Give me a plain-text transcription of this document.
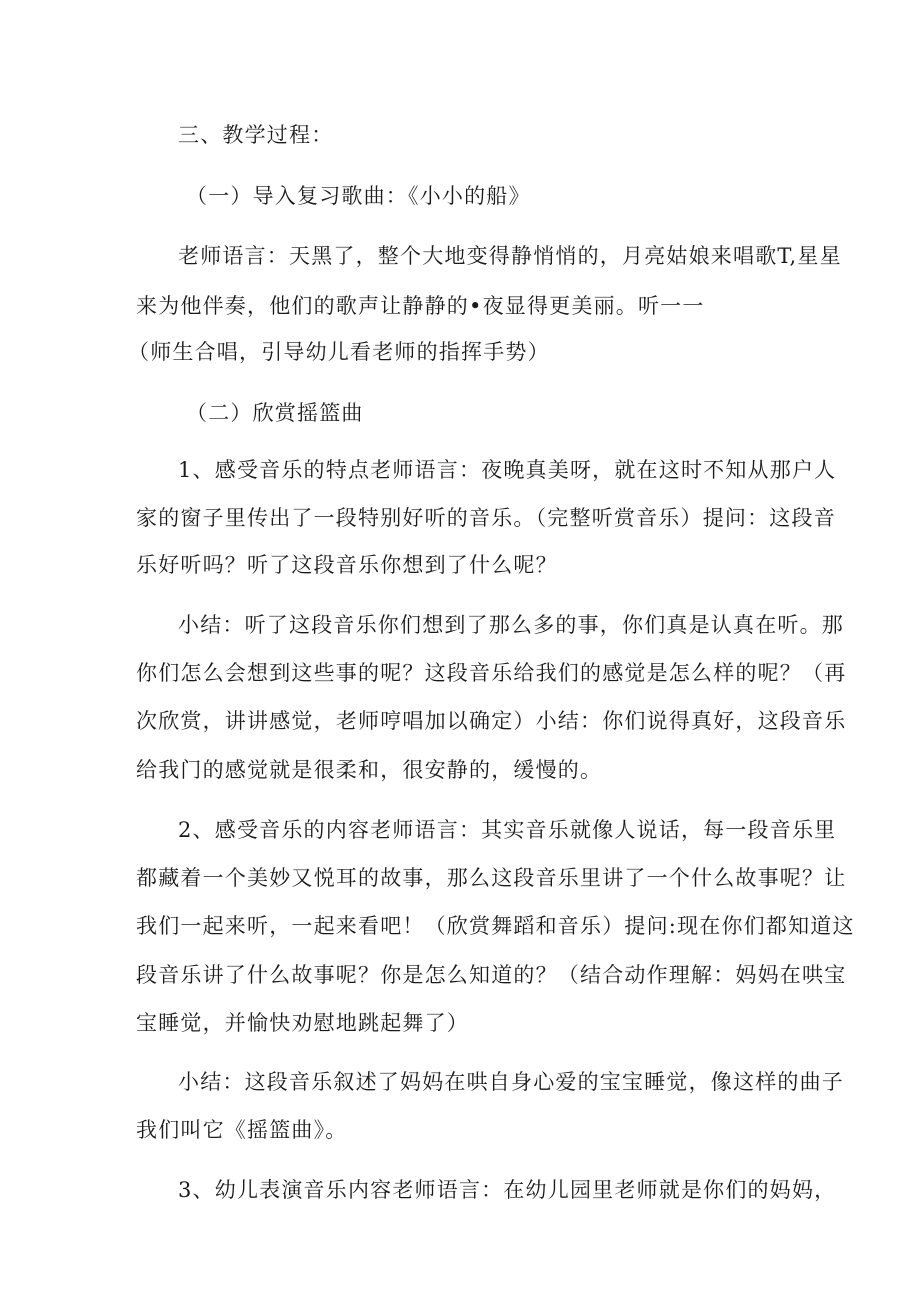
三、教学过程：
（一）导入复习歌曲：《小小的船》
老师语言：天黑了，整个大地变得静悄悄的，月亮姑娘来唱歌T,星星
来为他伴奏，他们的歌声让静静的•夜显得更美丽。听一一
（师生合唱，引导幼儿看老师的指挥手势）
（二）欣赏摇篮曲
1、感受音乐的特点老师语言：夜晚真美呀，就在这时不知从那户人
家的窗子里传出了一段特别好听的音乐。（完整听赏音乐）提问：这段音
乐好听吗？听了这段音乐你想到了什么呢？
小结：听了这段音乐你们想到了那么多的事，你们真是认真在听。那
你们怎么会想到这些事的呢？这段音乐给我们的感觉是怎么样的呢？（再
次欣赏，讲讲感觉，老师哼唱加以确定）小结：你们说得真好，这段音乐
给我门的感觉就是很柔和，很安静的，缓慢的。
2、感受音乐的内容老师语言：其实音乐就像人说话，每一段音乐里
都藏着一个美妙又悦耳的故事，那么这段音乐里讲了一个什么故事呢？让
我们一起来听，一起来看吧！（欣赏舞蹈和音乐）提问:现在你们都知道这
段音乐讲了什么故事呢？你是怎么知道的？（结合动作理解：妈妈在哄宝
宝睡觉，并愉快劝慰地跳起舞了）
小结：这段音乐叙述了妈妈在哄自身心爱的宝宝睡觉，像这样的曲子
我们叫它《摇篮曲》。
3、幼儿表演音乐内容老师语言：在幼儿园里老师就是你们的妈妈，
